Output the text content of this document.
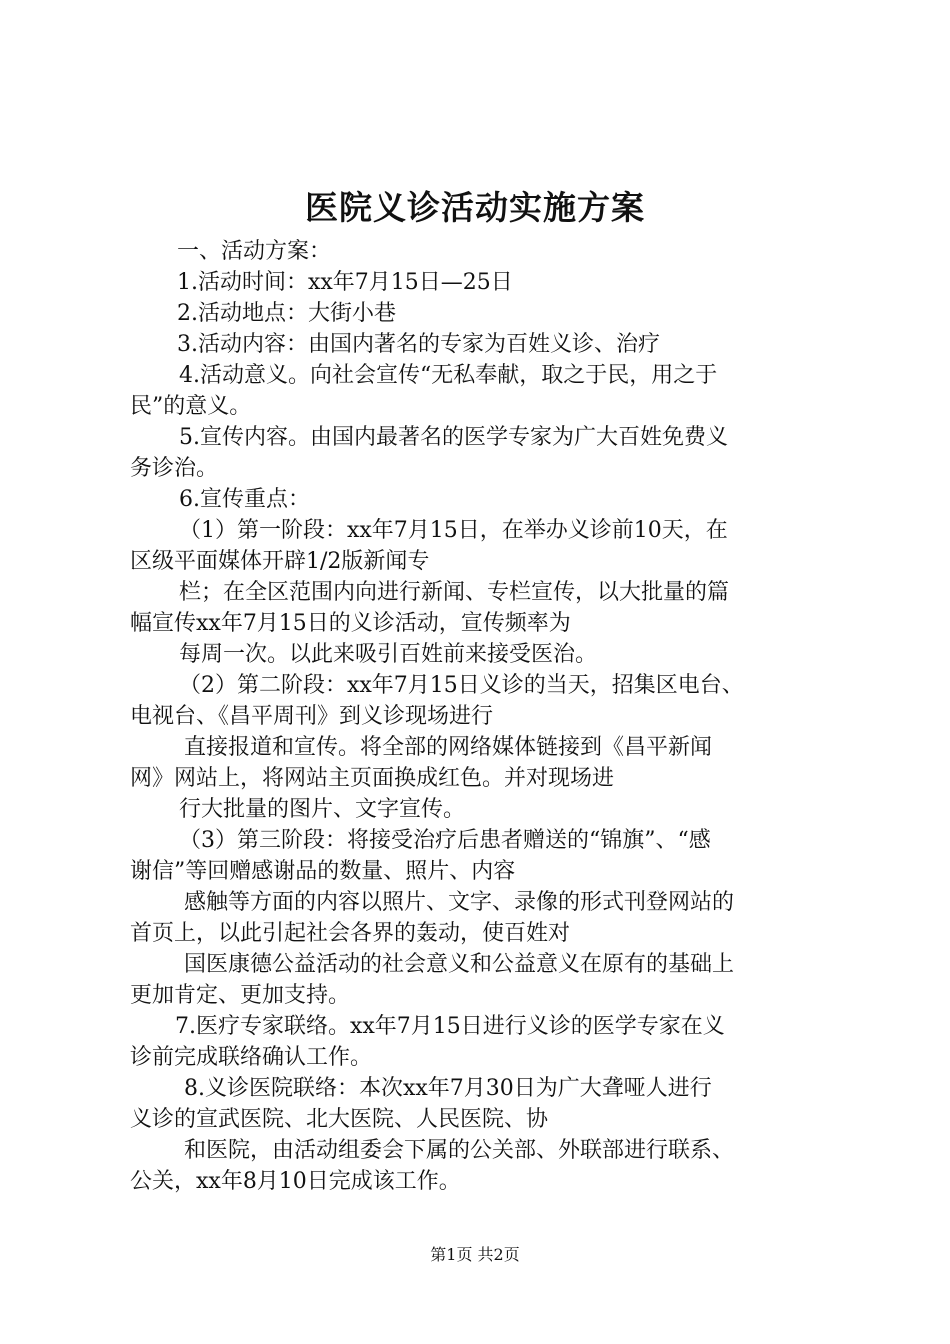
医院义诊活动实施方案
一、活动方案：
1.活动时间：xx年7月15日—25日
2.活动地点：大街小巷
3.活动内容：由国内著名的专家为百姓义诊、治疗
4.活动意义。向社会宣传“无私奉献，取之于民，用之于
民”的意义。
5.宣传内容。由国内最著名的医学专家为广大百姓免费义
务诊治。
6.宣传重点：
（1）第一阶段：xx年7月15日，在举办义诊前10天，在
区级平面媒体开辟1/2版新闻专
栏；在全区范围内向进行新闻、专栏宣传，以大批量的篇
幅宣传xx年7月15日的义诊活动，宣传频率为
每周一次。以此来吸引百姓前来接受医治。
（2）第二阶段：xx年7月15日义诊的当天，招集区电台、
电视台、《昌平周刊》到义诊现场进行
直接报道和宣传。将全部的网络媒体链接到《昌平新闻
网》网站上，将网站主页面换成红色。并对现场进
行大批量的图片、文字宣传。
（3）第三阶段：将接受治疗后患者赠送的“锦旗”、“感
谢信”等回赠感谢品的数量、照片、内容
感触等方面的内容以照片、文字、录像的形式刊登网站的
首页上，以此引起社会各界的轰动，使百姓对
国医康德公益活动的社会意义和公益意义在原有的基础上
更加肯定、更加支持。
7.医疗专家联络。xx年7月15日进行义诊的医学专家在义
诊前完成联络确认工作。
8.义诊医院联络：本次xx年7月30日为广大聋哑人进行
义诊的宣武医院、北大医院、人民医院、协
和医院，由活动组委会下属的公关部、外联部进行联系、
公关，xx年8月10日完成该工作。
第1页 共2页
